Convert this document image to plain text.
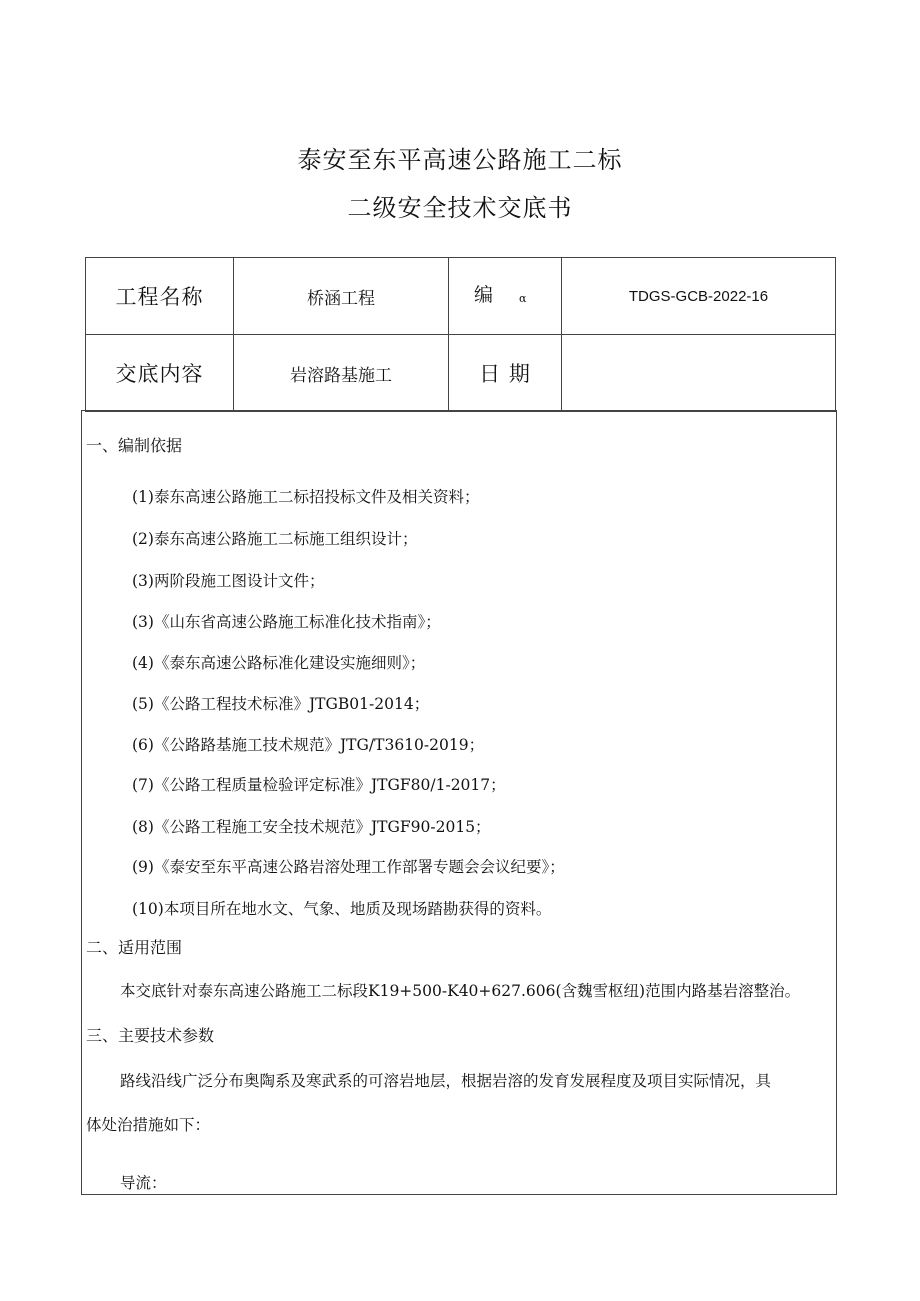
泰安至东平高速公路施工二标
二级安全技术交底书
工程名称	桥涵工程	编 α	TDGS-GCB-2022-16
交底内容	岩溶路基施工	日 期	
一、编制依据
(1)泰东高速公路施工二标招投标文件及相关资料；
(2)泰东高速公路施工二标施工组织设计；
(3)两阶段施工图设计文件；
(3)《山东省高速公路施工标准化技术指南》；
(4)《泰东高速公路标准化建设实施细则》；
(5)《公路工程技术标准》JTGB01-2014；
(6)《公路路基施工技术规范》JTG/T3610-2019；
(7)《公路工程质量检验评定标准》JTGF80/1-2017；
(8)《公路工程施工安全技术规范》JTGF90-2015；
(9)《泰安至东平高速公路岩溶处理工作部署专题会会议纪要》；
(10)本项目所在地水文、气象、地质及现场踏勘获得的资料。
二、适用范围
本交底针对泰东高速公路施工二标段K19+500-K40+627.606(含魏雪枢纽)范围内路基岩溶整治。
三、主要技术参数
路线沿线广泛分布奥陶系及寒武系的可溶岩地层，根据岩溶的发育发展程度及项目实际情况，具
体处治措施如下：
导流：
